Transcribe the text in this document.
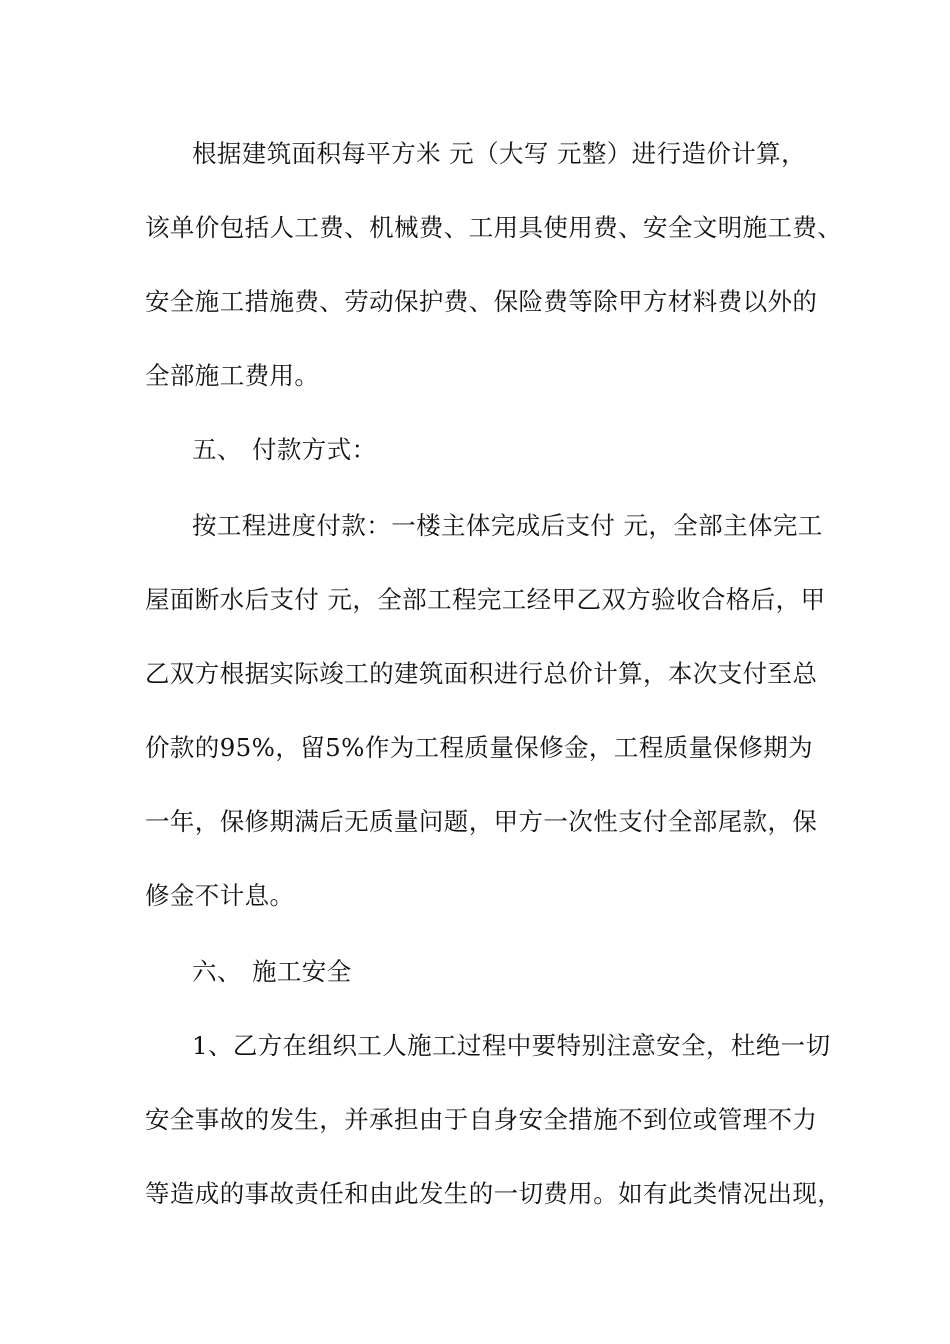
根据建筑面积每平方米 元（大写 元整）进行造价计算，
该单价包括人工费、机械费、工用具使用费、安全文明施工费、
安全施工措施费、劳动保护费、保险费等除甲方材料费以外的
全部施工费用。
五、 付款方式：
按工程进度付款：一楼主体完成后支付 元，全部主体完工
屋面断水后支付 元，全部工程完工经甲乙双方验收合格后，甲
乙双方根据实际竣工的建筑面积进行总价计算，本次支付至总
价款的95%，留5%作为工程质量保修金，工程质量保修期为
一年，保修期满后无质量问题，甲方一次性支付全部尾款，保
修金不计息。
六、 施工安全
1、乙方在组织工人施工过程中要特别注意安全，杜绝一切
安全事故的发生，并承担由于自身安全措施不到位或管理不力
等造成的事故责任和由此发生的一切费用。如有此类情况出现，
